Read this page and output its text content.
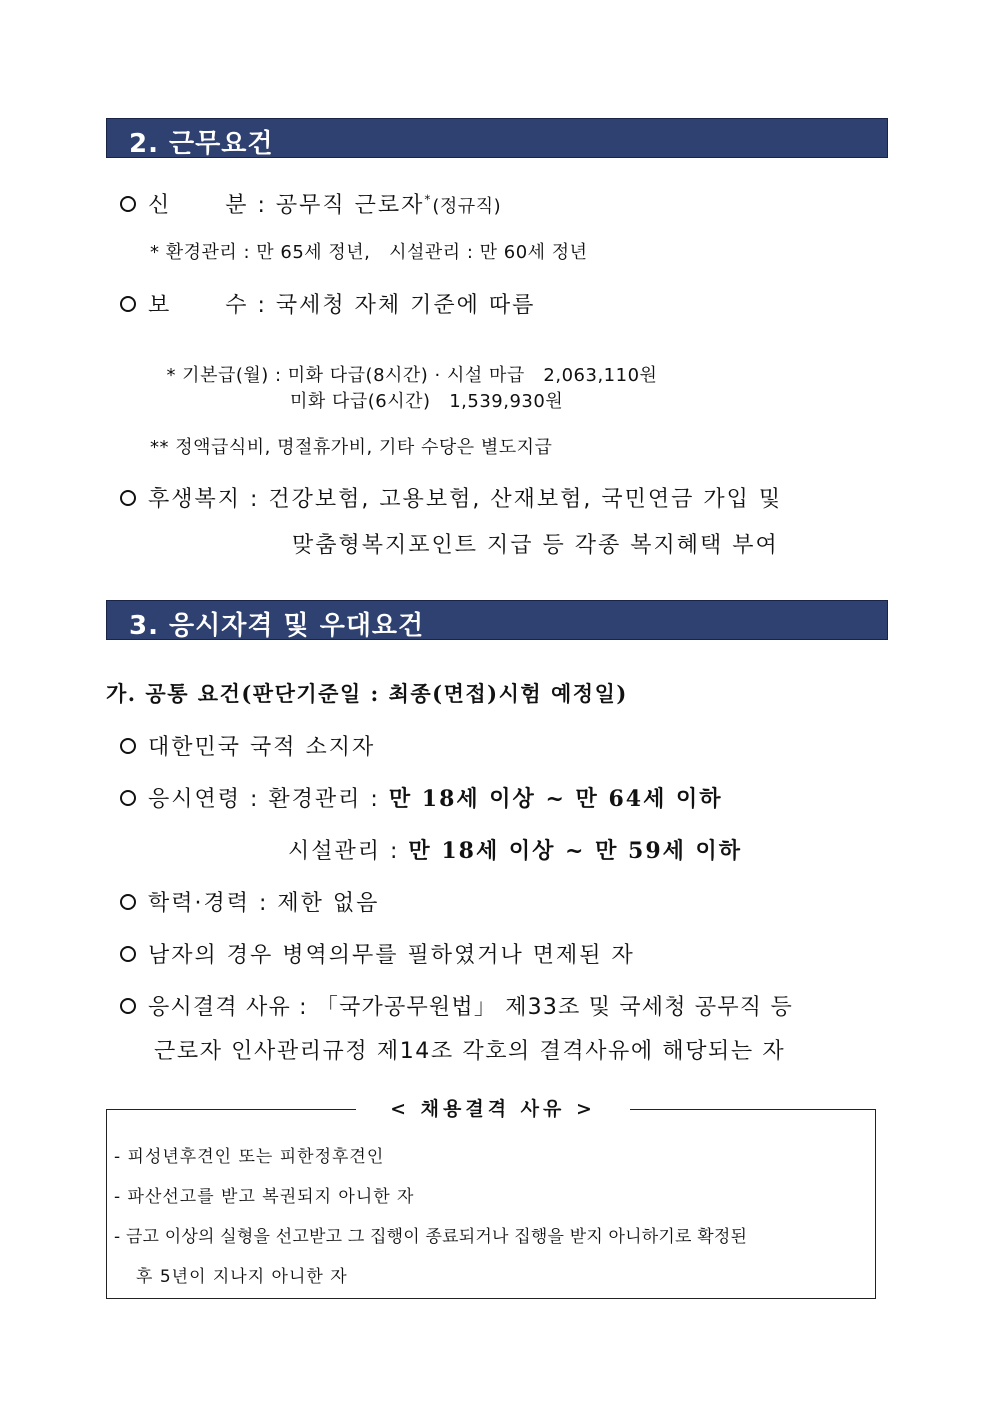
2. 근무요건
신      분 : 공무직 근로자*(정규직)
* 환경관리 : 만 65세 정년,   시설관리 : 만 60세 정년
보      수 : 국세청 자체 기준에 따름

* 기본급(월) : 미화 다급(8시간) · 시설 마급   2,063,110원

미화 다급(6시간)   1,539,930원
** 정액급식비, 명절휴가비, 기타 수당은 별도지급
후생복지 : 건강보험, 고용보험, 산재보험, 국민연금 가입 및
맞춤형복지포인트 지급 등 각종 복지혜택 부여
3. 응시자격 및 우대요건
가. 공통 요건(판단기준일 : 최종(면접)시험 예정일)
대한민국 국적 소지자
응시연령 : 환경관리 : 만 18세 이상 ~ 만 64세 이하
시설관리 : 만 18세 이상 ~ 만 59세 이하
학력·경력 : 제한 없음
남자의 경우 병역의무를 필하였거나 면제된 자
응시결격 사유 : 「국가공무원법」 제33조 및 국세청 공무직 등
근로자 인사관리규정 제14조 각호의 결격사유에 해당되는 자
< 채용결격 사유 >
- 피성년후견인 또는 피한정후견인
- 파산선고를 받고 복권되지 아니한 자
- 금고 이상의 실형을 선고받고 그 집행이 종료되거나 집행을 받지 아니하기로 확정된
후 5년이 지나지 아니한 자
